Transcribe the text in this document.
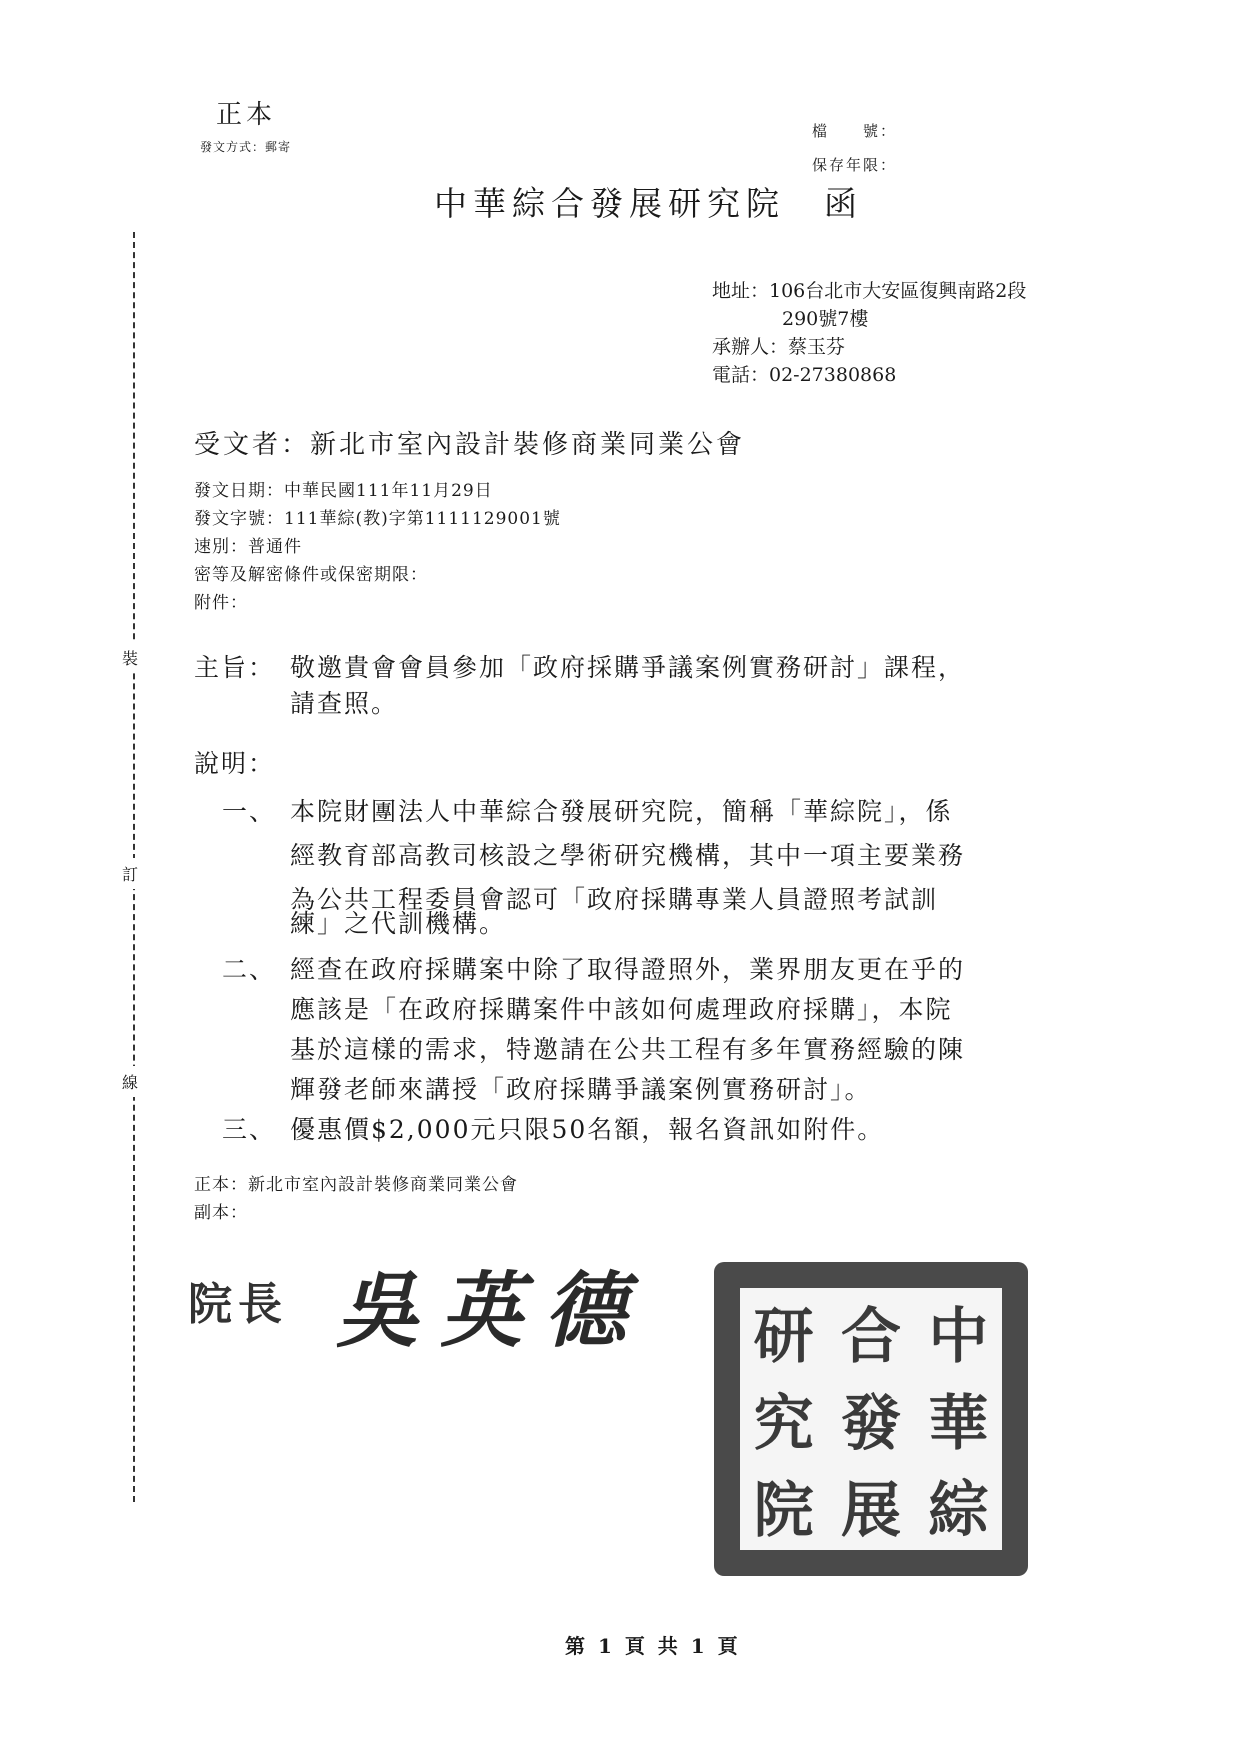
正本
發文方式：郵寄
檔　　號：
保存年限：
中華綜合發展研究院　函
地址：106台北市大安區復興南路2段
290號7樓
承辦人：蔡玉芬
電話：02-27380868
裝
訂
線
受文者：新北市室內設計裝修商業同業公會
發文日期：中華民國111年11月29日
發文字號：111華綜(教)字第1111129001號
速別：普通件
密等及解密條件或保密期限：
附件：
主旨： 敬邀貴會會員參加「政府採購爭議案例實務研討」課程，
請查照。
說明：
一、 本院財團法人中華綜合發展研究院，簡稱「華綜院」，係
經教育部高教司核設之學術研究機構，其中一項主要業務
為公共工程委員會認可「政府採購專業人員證照考試訓
練」之代訓機構。
二、 經查在政府採購案中除了取得證照外，業界朋友更在乎的
應該是「在政府採購案件中該如何處理政府採購」，本院
基於這樣的需求，特邀請在公共工程有多年實務經驗的陳
輝發老師來講授「政府採購爭議案例實務研討」。
三、 優惠價$2,000元只限50名額，報名資訊如附件。
正本：新北市室內設計裝修商業同業公會
副本：
院長 吳英德 研 合 中
究 發 華
院 展 綜
第 1 頁 共 1 頁
